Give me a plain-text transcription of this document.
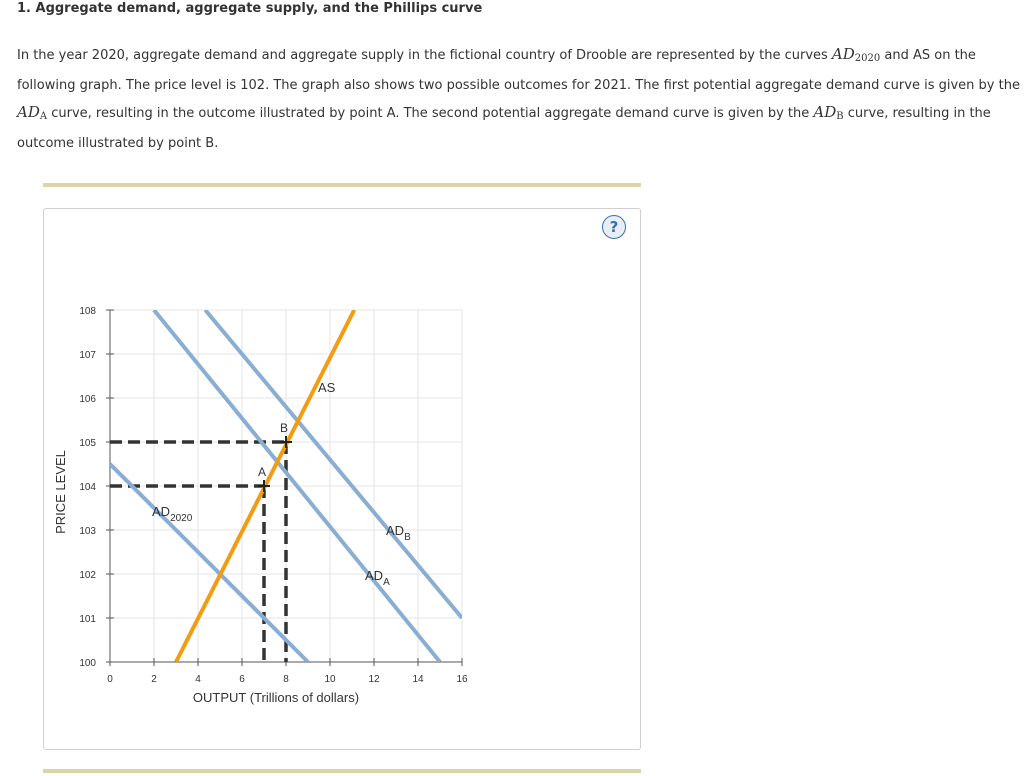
1. Aggregate demand, aggregate supply, and the Phillips curve
In the year 2020, aggregate demand and aggregate supply in the fictional country of Drooble are represented by the curves $AD_{2020}$ and AS on the following graph. The price level is 102. The graph also shows two possible outcomes for 2021. The first potential aggregate demand curve is given by the $AD_A$ curve, resulting in the outcome illustrated by point A. The second potential aggregate demand curve is given by the $AD_B$ curve, resulting in the outcome illustrated by point B.
?
0	2	4	6	8	10	12	14	16
100
101
102
103
104
105
106
107
108
OUTPUT (Trillions of dollars)
PRICE LEVEL	A
B
$AD_{2020}$
$AD_A$
$AD_B$
AS
